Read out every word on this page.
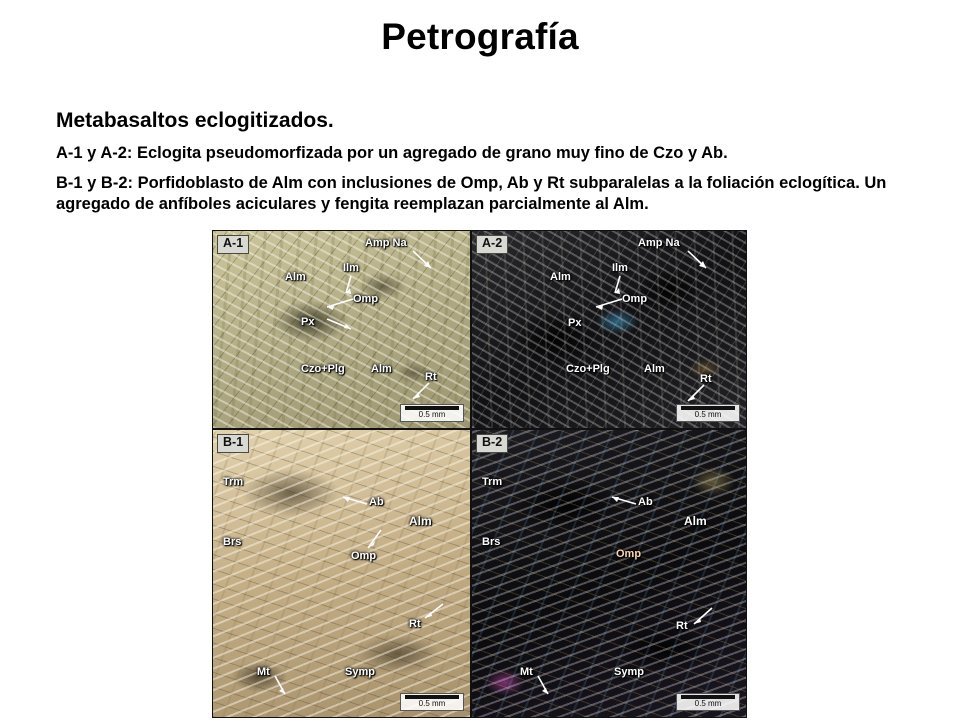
Petrografía

Metabasaltos eclogitizados.

A-1 y A-2: Eclogita pseudomorfizada por un agregado de grano muy fino de Czo y Ab.

B-1 y B-2: Porfidoblasto de Alm con inclusiones de Omp, Ab y Rt subparalelas a la foliación eclogítica. Un agregado de anfíboles aciculares y fengita reemplazan parcialmente al Alm.

A-1	Amp Na
Alm
Ilm
Omp
Px
Czo+Plg Alm
Rt
0.5 mm
A-2	Amp Na
Alm
Ilm
Omp
Px
Czo+Plg	Alm
Rt
0.5 mm
B-1
Trm
Ab
Alm
Brs
Omp
Rt
Mt	Symp
0.5 mm
B-2
Trm
Ab
Alm
Brs
Omp
Rt
Mt	Symp
0.5 mm
